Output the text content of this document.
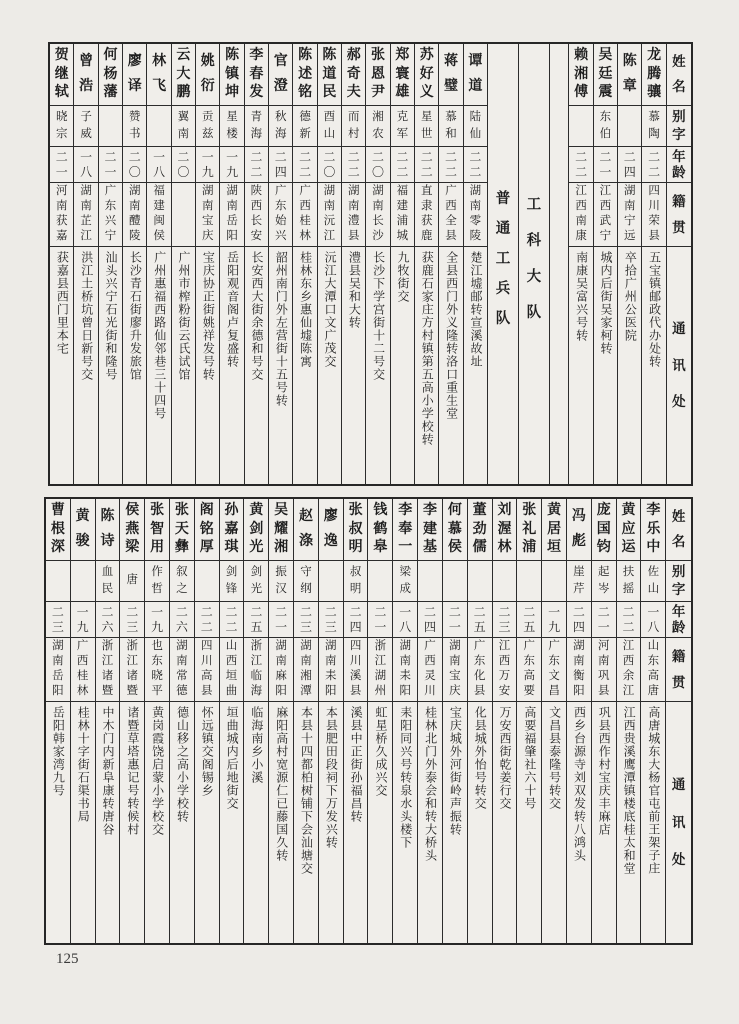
姓
名
别
字
年
龄
籍
贯
通
讯
处
龙
腾
骧
慕
陶
二
二
四
川
荣
县
五宝镇邮政代办处转
陈
章
二
四
湖
南
宁
远
卒拾广州公医院
吴
廷
震
东
伯
二
一
江
西
武
宁
城内后街吴家柯转
赖
湘
傅
二
二
江
西
南
康
南康吴富兴号转
工
科
大
队
普
通
工
兵
队
谭
道
陆
仙
二
二
湖
南
零
陵
楚江墟邮转宣溪故址
蒋
璧
慕
和
二
二
广
西
全
县
全县西门外义隆转洛口重生堂
苏
好
义
星
世
二
二
直
隶
获
鹿
获鹿石家庄方村镇第五高小学校转
郑
寰
雄
克
军
二
二
福
建
浦
城
九牧街交
张
恩
尹
湘
农
二
〇
湖
南
长
沙
长沙下学宫街十二号交
郝
奇
夫
而
村
二
二
湖
南
澧
县
澧县吴和大转
陈
道
民
酉
山
二
〇
湖
南
沅
江
沅江大潭口文广茂交
陈
述
铭
德
新
二
二
广
西
桂
林
桂林东乡惠仙墟陈寓
官
澄
秋
海
二
四
广
东
始
兴
韶州南门外左营街十五号转
李
春
发
青
海
二
二
陕
西
长
安
长安西大街余德和号交
陈
镇
坤
星
楼
一
九
湖
南
岳
阳
岳阳观音阁卢复盛转
姚
衍
贡
兹
一
九
湖
南
宝
庆
宝庆协正街姚祥发号转
云
大
鹏
翼
南
二
〇
广州市榨粉街云氏试馆
林
飞
一
八
福
建
闽
侯
广州惠福西路仙邻巷三十四号
廖
译
赞
书
二
〇
湖
南
醴
陵
长沙青石街廖升发旅馆
何
杨
藩
二
一
广
东
兴
宁
汕头兴宁石光街和隆号
曾
浩
子
威
一
八
湖
南
芷
江
洪江土桥坑曾日新号交
贺
继
轼
晓
宗
二
一
河
南
获
嘉
获嘉县西门里本宅
姓
名
别
字
年
龄
籍
贯
通
讯
处
李
乐
中
佐
山
一
八
山
东
高
唐
高唐城东大杨官屯前王架子庄
黄
应
运
扶
摇
二
二
江
西
余
江
江西贵溪鹰潭镇楼底桂太和堂
庞
国
钧
起
岑
二
一
河
南
巩
县
巩县西作村宝庆丰麻店
冯
彪
崖
芹
二
四
湖
南
衡
阳
西乡台源寺刘双发转八鸿头
黄
居
垣
一
九
广
东
文
昌
文昌县泰隆号转交
张
礼
浦
二
五
广
东
高
要
高要福肇社六十号
刘
渥
林
二
三
江
西
万
安
万安西街乾姜行交
董
劲
儒
二
五
广
东
化
县
化县城外怡号转交
何
慕
侯
二
一
湖
南
宝
庆
宝庆城外河街岭声振转
李
建
基
二
四
广
西
灵
川
桂林北门外泰会和转大桥头
李
奉
一
梁
成
一
八
湖
南
耒
阳
耒阳同兴号转泉水头楼下
钱
鹤
皋
二
一
浙
江
湖
州
虹星桥久成兴交
张
叔
明
叔
明
二
四
四
川
溪
县
溪县中正街孙福昌转
廖
逸
二
三
湖
南
耒
阳
本县肥田段祠下万发兴转
赵
涤
守
纲
二
三
湖
南
湘
潭
本县十四都柏树铺下会汕塘交
吴
耀
湘
振
汉
二
一
湖
南
麻
阳
麻阳高村宽源仁已藤国久转
黄
剑
光
剑
光
二
五
浙
江
临
海
临海南乡小溪
孙
嘉
琪
剑
锋
二
二
山
西
垣
曲
垣曲城内后地街交
阁
铭
厚
二
二
四
川
高
县
怀远镇交阁锡乡
张
天
彝
叙
之
二
六
湖
南
常
德
德山移之高小学校转
张
智
用
作
哲
一
九
也
东
晓
平
黄岗霞饶启蒙小学校交
侯
燕
梁
唐
二
三
浙
江
诸
暨
诸暨草塔惠记号转候村
陈
诗
血
民
二
六
浙
江
诸
暨
中木门内新阜康转唐谷
黄
骏
一
九
广
西
桂
林
桂林十字街石渠书局
曹
根
深
二
三
湖
南
岳
阳
岳阳韩家湾九号
125
